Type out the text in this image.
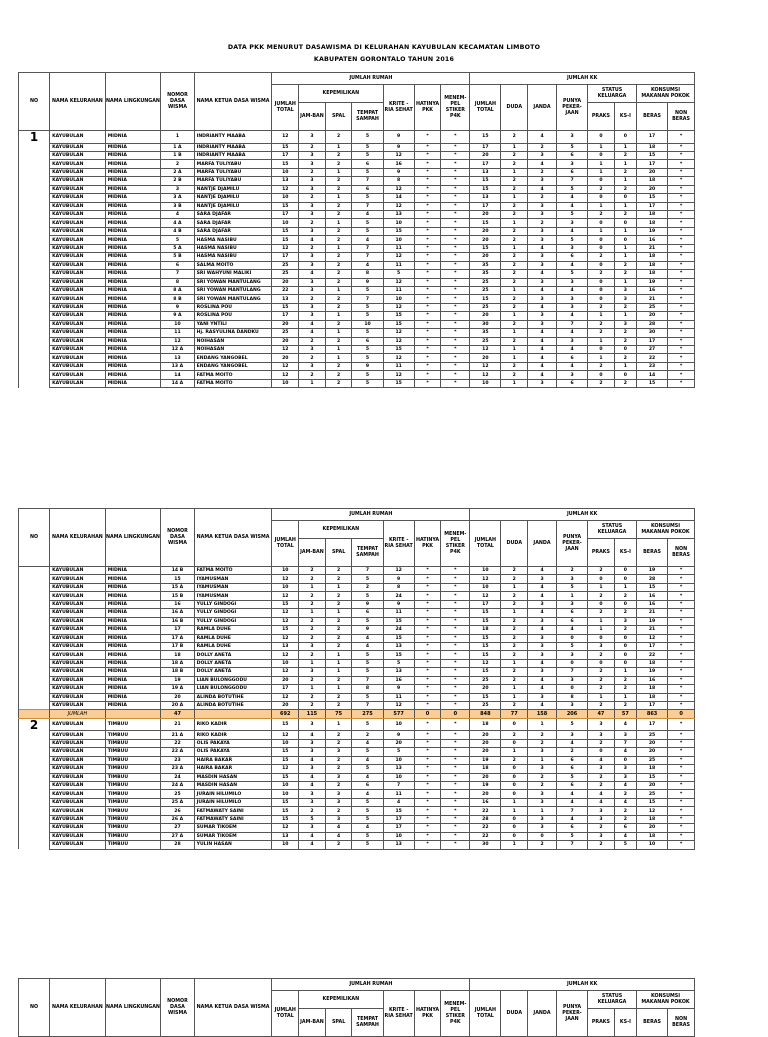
DATA PKK MENURUT DASAWISMA DI KELURAHAN KAYUBULAN KECAMATAN LIMBOTO
KABUPATEN GORONTALO TAHUN 2016
NO	NAMA KELURAHAN	NAMA LINGKUNGAN	NOMOR DASA WISMA	NAMA KETUA DASA WISMA	JUMLAH RUMAH							JUMLAH KK							
					JUMLAH TOTAL	KEPEMILIKAN			KRITE - RIA SEHAT	HATINYA PKK	MENEM-PEL STIKER P4K	JUMLAH TOTAL	DUDA	JANDA	PUNYA PEKER-JAAN	STATUS KELUARGA		KONSUMSI MAKANAN POKOK	
						JAM-BAN	SPAL	TEMPAT SAMPAH								PRAKS	KS-I	BERAS	NON BERAS
1	KAYUBULAN	MIDNIA	1	INDRIANTY MAABA	12	3	2	5	9	*	*	15	2	4	3	0	0	17	*
	KAYUBULAN	MIDNIA	1 A	INDRIANTY MAABA	15	2	1	5	9	*	*	17	1	2	5	1	1	18	*
	KAYUBULAN	MIDNIA	1 B	INDRIANTY MAABA	17	3	2	5	12	*	*	20	2	3	6	0	2	15	*
	KAYUBULAN	MIDNIA	2	MARFA TULIYABU	15	3	2	6	16	*	*	17	2	4	3	1	1	17	*
	KAYUBULAN	MIDNIA	2 A	MARFA TULIYABU	10	2	1	5	9	*	*	13	1	2	6	1	2	20	*
	KAYUBULAN	MIDNIA	2 B	MARFA TULIYABU	13	3	2	7	8	*	*	15	2	3	7	0	1	18	*
	KAYUBULAN	MIDNIA	3	NANTJE DJAMILU	12	3	2	6	12	*	*	15	2	4	5	2	2	20	*
	KAYUBULAN	MIDNIA	3 A	NANTJE DJAMILU	10	2	1	5	14	*	*	13	1	2	4	0	0	15	*
	KAYUBULAN	MIDNIA	3 B	NANTJE DJAMILU	15	3	2	7	12	*	*	17	2	3	4	1	1	17	*
	KAYUBULAN	MIDNIA	4	SARA DJAFAR	17	3	2	4	13	*	*	20	2	3	5	2	2	18	*
	KAYUBULAN	MIDNIA	4 A	SARA DJAFAR	10	2	1	5	10	*	*	15	1	2	3	0	0	18	*
	KAYUBULAN	MIDNIA	4 B	SARA DJAFAR	15	3	2	5	15	*	*	20	2	3	4	1	1	19	*
	KAYUBULAN	MIDNIA	5	HASMA NASIBU	15	4	2	4	10	*	*	20	2	3	5	0	0	16	*
	KAYUBULAN	MIDNIA	5 A	HASMA NASIBU	12	2	1	7	11	*	*	15	1	4	3	0	1	21	*
	KAYUBULAN	MIDNIA	5 B	HASMA NASIBU	17	3	2	7	12	*	*	20	2	3	6	2	1	18	*
	KAYUBULAN	MIDNIA	6	SALMA MOITO	25	3	2	4	11	*	*	35	2	3	4	0	2	18	*
	KAYUBULAN	MIDNIA	7	SRI WAHYUNI MALIKI	25	4	2	8	5	*	*	35	2	4	5	2	2	18	*
	KAYUBULAN	MIDNIA	8	SRI YOWAN MANTULANG	20	3	2	9	12	*	*	25	2	3	3	0	1	19	*
	KAYUBULAN	MIDNIA	8 A	SRI YOWAN MANTULANG	22	3	1	5	11	*	*	25	1	4	4	0	3	16	*
	KAYUBULAN	MIDNIA	8 B	SRI YOWAN MANTULANG	13	2	2	7	10	*	*	15	2	3	3	0	3	21	*
	KAYUBULAN	MIDNIA	9	ROSLINA POU	15	3	2	5	12	*	*	25	2	4	3	2	2	25	*
	KAYUBULAN	MIDNIA	9 A	ROSLINA POU	17	3	1	5	15	*	*	20	1	3	4	1	1	20	*
	KAYUBULAN	MIDNIA	10	YANI YNTILI	20	4	2	10	15	*	*	30	2	3	7	2	3	28	*
	KAYUBULAN	MIDNIA	11	Hj. RASYULINA DANDKU	25	4	1	5	12	*	*	35	1	4	4	2	2	30	*
	KAYUBULAN	MIDNIA	12	NOIHASAN	20	2	2	6	12	*	*	25	2	4	3	1	2	17	*
	KAYUBULAN	MIDNIA	12 A	NOIHASAN	12	3	1	5	15	*	*	12	1	4	4	0	0	27	*
	KAYUBULAN	MIDNIA	13	ENDANG YANGOBEL	20	2	1	5	12	*	*	20	1	4	6	1	2	22	*
	KAYUBULAN	MIDNIA	13 A	ENDANG YANGOBEL	12	3	2	9	11	*	*	12	2	4	4	2	1	23	*
	KAYUBULAN	MIDNIA	14	FATMA MOITO	12	2	2	5	12	*	*	12	2	4	3	0	0	14	*
	KAYUBULAN	MIDNIA	14 A	FATMA MOITO	10	1	2	5	15	*	*	10	1	3	6	2	2	15	*
NO	NAMA KELURAHAN	NAMA LINGKUNGAN	NOMOR DASA WISMA	NAMA KETUA DASA WISMA	JUMLAH RUMAH							JUMLAH KK							
					JUMLAH TOTAL	KEPEMILIKAN			KRITE - RIA SEHAT	HATINYA PKK	MENEM-PEL STIKER P4K	JUMLAH TOTAL	DUDA	JANDA	PUNYA PEKER-JAAN	STATUS KELUARGA		KONSUMSI MAKANAN POKOK	
						JAM-BAN	SPAL	TEMPAT SAMPAH								PRAKS	KS-I	BERAS	NON BERAS
	KAYUBULAN	MIDNIA	14 B	FATMA MOITO	10	2	2	7	12	*	*	10	2	4	2	2	0	19	*
	KAYUBULAN	MIDNIA	15	IYAMUSMAN	12	2	2	5	9	*	*	12	2	3	3	0	0	28	*
	KAYUBULAN	MIDNIA	15 A	IYAMUSMAN	10	1	1	2	8	*	*	10	1	4	5	1	1	15	*
	KAYUBULAN	MIDNIA	15 B	IYAMUSMAN	12	2	2	5	24	*	*	12	2	4	1	2	2	16	*
	KAYUBULAN	MIDNIA	16	YULLY GINDOGI	15	2	2	9	9	*	*	17	2	3	3	0	0	16	*
	KAYUBULAN	MIDNIA	16 A	YULLY GINDOGI	12	1	1	6	11	*	*	15	1	4	6	2	2	21	*
	KAYUBULAN	MIDNIA	16 B	YULLY GINDOGI	12	2	2	5	15	*	*	15	2	3	6	1	3	19	*
	KAYUBULAN	MIDNIA	17	RAMLA DUHE	15	2	2	9	24	*	*	18	2	4	4	1	2	21	*
	KAYUBULAN	MIDNIA	17 A	RAMLA DUHE	12	2	2	4	15	*	*	15	2	3	0	0	0	12	*
	KAYUBULAN	MIDNIA	17 B	RAMLA DUHE	13	3	2	4	13	*	*	15	2	3	5	3	0	17	*
	KAYUBULAN	MIDNIA	18	DOLLY ANETA	12	2	1	5	15	*	*	15	2	3	3	2	0	22	*
	KAYUBULAN	MIDNIA	18 A	DOLLY ANETA	10	1	1	5	5	*	*	12	1	4	0	0	0	18	*
	KAYUBULAN	MIDNIA	18 B	DOLLY ANETA	12	3	1	5	13	*	*	15	2	3	7	2	1	19	*
	KAYUBULAN	MIDNIA	19	LIAN BULONGGODU	20	2	2	7	16	*	*	25	2	4	3	2	2	16	*
	KAYUBULAN	MIDNIA	19 A	LIAN BULONGGODU	17	1	1	8	9	*	*	20	1	4	0	2	2	18	*
	KAYUBULAN	MIDNIA	20	ALINDA BOTUTIHE	12	2	2	5	11	*	*	15	1	3	8	1	1	18	*
	KAYUBULAN	MIDNIA	20 A	ALINDA BOTUTIHE	20	2	2	7	12	*	*	25	2	4	3	2	2	17	*
	JUMLAH		47		692	115	75	275	577	0	0	848	77	158	206	47	57	863	0
2	KAYUBULAN	TIMBUU	21	RIKO KADIR	15	3	1	5	10	*	*	18	0	1	5	3	4	17	*
	KAYUBULAN	TIMBUU	21 A	RIKO KADIR	12	4	2	2	9	*	*	20	2	2	3	3	3	25	*
	KAYUBULAN	TIMBUU	22	OLIS PAKAYA	10	3	2	4	20	*	*	20	0	2	4	2	7	20	*
	KAYUBULAN	TIMBUU	22 A	OLIS PAKAYA	15	3	3	5	5	*	*	20	1	3	2	0	4	20	*
	KAYUBULAN	TIMBUU	23	HAIRA BAKAR	15	4	2	4	10	*	*	19	2	1	6	4	0	25	*
	KAYUBULAN	TIMBUU	23 A	HAIRA BAKAR	12	3	2	5	13	*	*	18	0	3	6	3	3	18	*
	KAYUBULAN	TIMBUU	24	MASDIN HASAN	15	4	3	4	10	*	*	20	0	2	5	2	3	15	*
	KAYUBULAN	TIMBUU	24 A	MASDIN HASAN	10	4	2	6	7	*	*	19	0	2	6	2	4	20	*
	KAYUBULAN	TIMBUU	25	JURAIN HILUMILO	10	3	3	4	11	*	*	20	0	3	4	4	2	25	*
	KAYUBULAN	TIMBUU	25 A	JURAIN HILUMILO	15	3	3	5	4	*	*	16	1	3	4	4	4	15	*
	KAYUBULAN	TIMBUU	26	FATMAWATY SAINI	15	2	2	5	15	*	*	22	1	1	7	3	2	12	*
	KAYUBULAN	TIMBUU	26 A	FATMAWATY SAINI	15	5	3	5	17	*	*	28	0	3	4	3	2	18	*
	KAYUBULAN	TIMBUU	27	SUMAR TIKOEM	12	3	4	4	17	*	*	22	0	3	6	2	6	20	*
	KAYUBULAN	TIMBUU	27 A	SUMAR TIKOEM	13	4	4	5	10	*	*	22	0	0	5	3	4	18	*
	KAYUBULAN	TIMBUU	28	YULIN HASAN	10	4	2	5	13	*	*	30	1	2	7	2	5	10	*
NO	NAMA KELURAHAN	NAMA LINGKUNGAN	NOMOR DASA WISMA	NAMA KETUA DASA WISMA	JUMLAH RUMAH							JUMLAH KK							
					JUMLAH TOTAL	KEPEMILIKAN			KRITE - RIA SEHAT	HATINYA PKK	MENEM-PEL STIKER P4K	JUMLAH TOTAL	DUDA	JANDA	PUNYA PEKER-JAAN	STATUS KELUARGA		KONSUMSI MAKANAN POKOK	
						JAM-BAN	SPAL	TEMPAT SAMPAH								PRAKS	KS-I	BERAS	NON BERAS
